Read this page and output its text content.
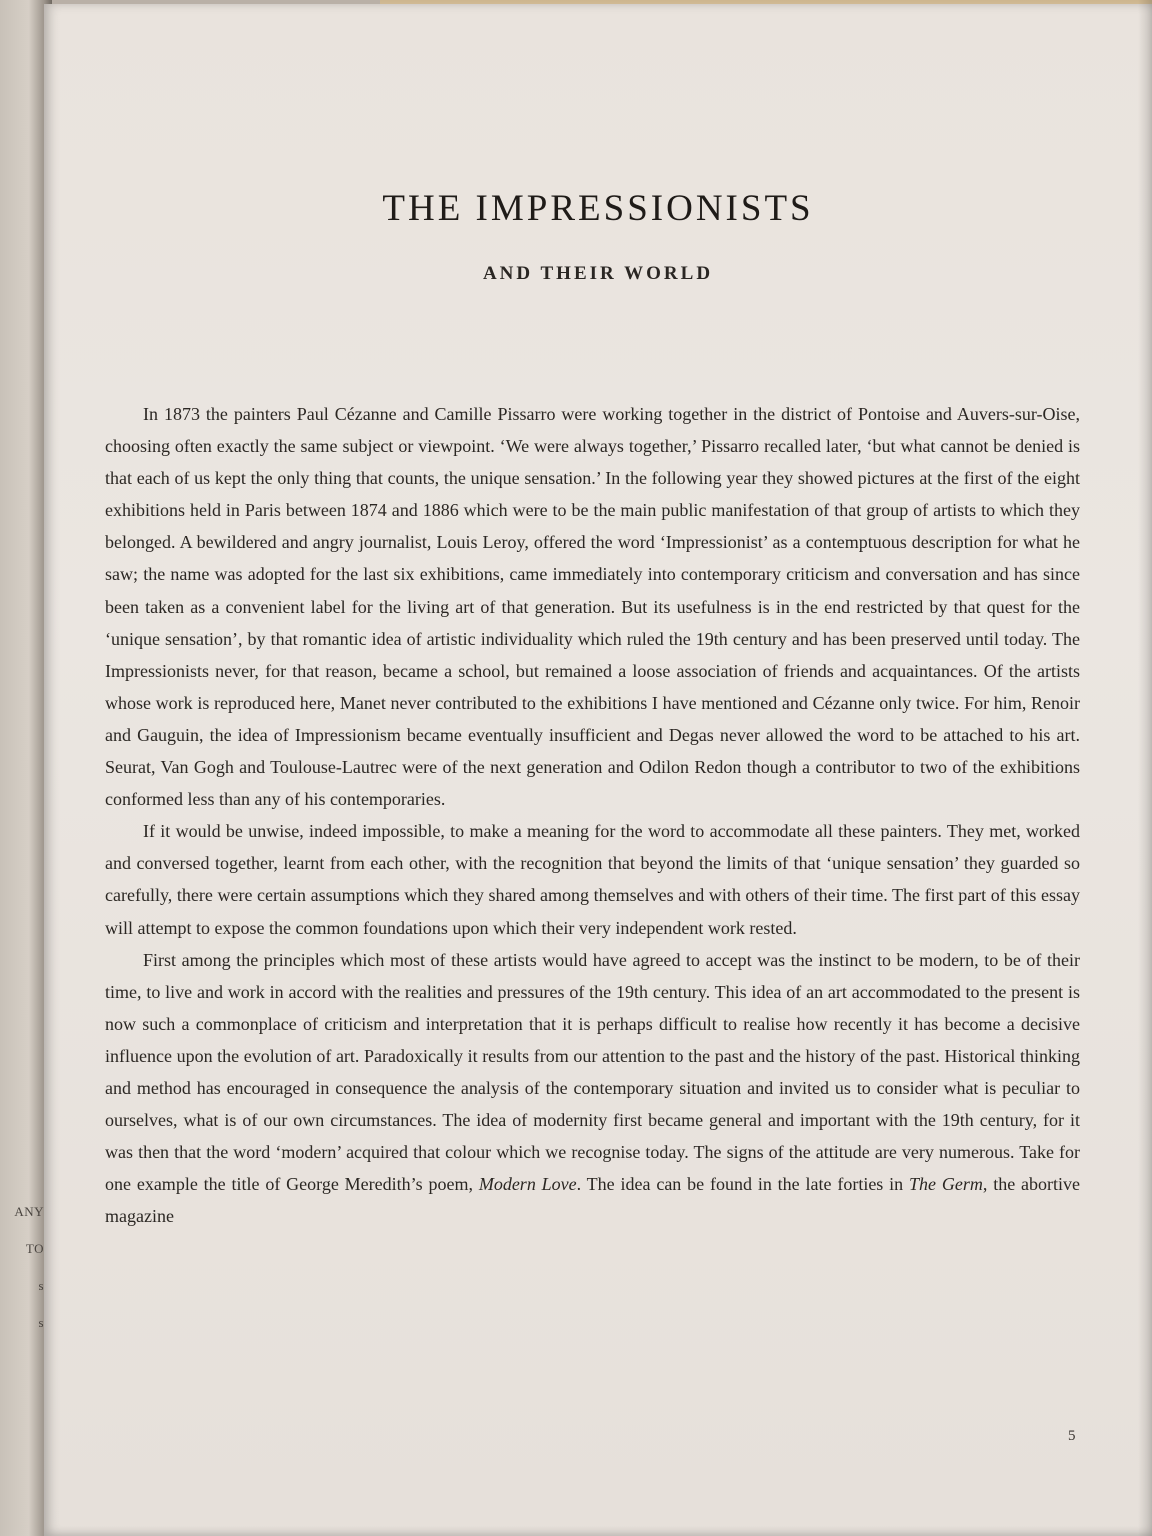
ANY
TO
s
s
THE IMPRESSIONISTS
AND THEIR WORLD

In 1873 the painters Paul Cézanne and Camille Pissarro were working together in the district of Pontoise and Auvers-sur-Oise, choosing often exactly the same subject or viewpoint. ‘We were always together,’ Pissarro recalled later, ‘but what cannot be denied is that each of us kept the only thing that counts, the unique sensation.’ In the following year they showed pictures at the first of the eight exhibitions held in Paris between 1874 and 1886 which were to be the main public manifestation of that group of artists to which they belonged. A bewildered and angry journalist, Louis Leroy, offered the word ‘Impressionist’ as a contemptuous description for what he saw; the name was adopted for the last six exhibitions, came immediately into contemporary criticism and conversation and has since been taken as a convenient label for the living art of that generation. But its usefulness is in the end restricted by that quest for the ‘unique sensation’, by that romantic idea of artistic individuality which ruled the 19th century and has been preserved until today. The Impressionists never, for that reason, became a school, but remained a loose association of friends and acquaintances. Of the artists whose work is reproduced here, Manet never contributed to the exhibitions I have mentioned and Cézanne only twice. For him, Renoir and Gauguin, the idea of Impressionism became eventually insufficient and Degas never allowed the word to be attached to his art. Seurat, Van Gogh and Toulouse-Lautrec were of the next generation and Odilon Redon though a contributor to two of the exhibitions conformed less than any of his contemporaries.

If it would be unwise, indeed impossible, to make a meaning for the word to accommodate all these painters. They met, worked and conversed together, learnt from each other, with the recognition that beyond the limits of that ‘unique sensation’ they guarded so carefully, there were certain assumptions which they shared among themselves and with others of their time. The first part of this essay will attempt to expose the common foundations upon which their very independent work rested.

First among the principles which most of these artists would have agreed to accept was the instinct to be modern, to be of their time, to live and work in accord with the realities and pressures of the 19th century. This idea of an art accommodated to the present is now such a commonplace of criticism and interpretation that it is perhaps difficult to realise how recently it has become a decisive influence upon the evolution of art. Paradoxically it results from our attention to the past and the history of the past. Historical thinking and method has encouraged in consequence the analysis of the contemporary situation and invited us to consider what is peculiar to ourselves, what is of our own circumstances. The idea of modernity first became general and important with the 19th century, for it was then that the word ‘modern’ acquired that colour which we recognise today. The signs of the attitude are very numerous. Take for one example the title of George Meredith’s poem, Modern Love. The idea can be found in the late forties in The Germ, the abortive magazine

5
